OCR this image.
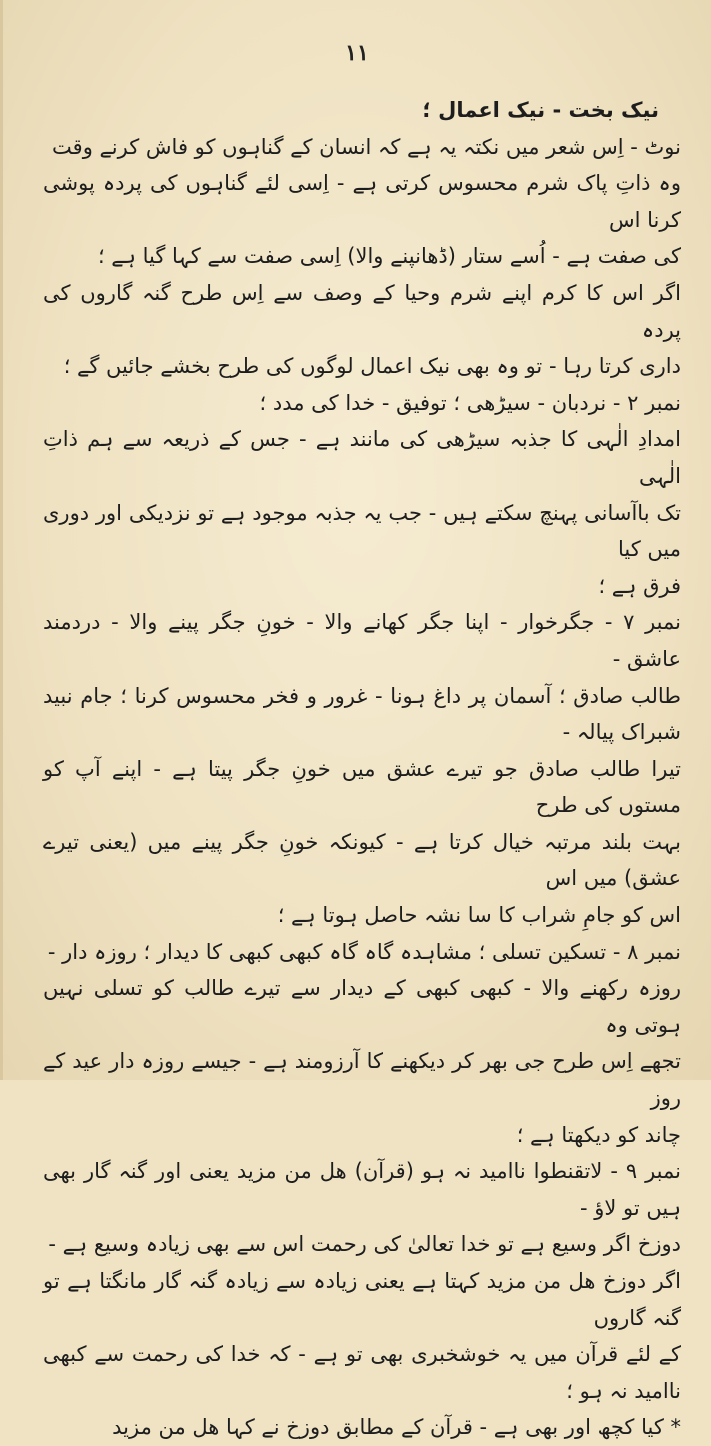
١١

نیک بخت - نیک اعمال ؛

نوٹ - اِس شعر میں نکتہ یہ ہے کہ انسان کے گناہوں کو فاش کرنے وقت

وہ ذاتِ پاک شرم محسوس کرتی ہے - اِسی لئے گناہوں کی پردہ پوشی کرنا اس

کی صفت ہے - اُسے ستار (ڈھانپنے والا) اِسی صفت سے کہا گیا ہے ؛

اگر اس کا کرم اپنے شرم وحیا کے وصف سے اِس طرح گنہ گاروں کی پردہ

داری کرتا رہا - تو وہ بھی نیک اعمال لوگوں کی طرح بخشے جائیں گے ؛

نمبر ۲ - نردبان - سیڑھی ؛ توفیق - خدا کی مدد ؛

امدادِ الٰہی کا جذبہ سیڑھی کی مانند ہے - جس کے ذریعہ سے ہم ذاتِ الٰہی

تک باآسانی پہنچ سکتے ہیں - جب یہ جذبہ موجود ہے تو نزدیکی اور دوری میں کیا

فرق ہے ؛

نمبر ۷ - جگرخوار - اپنا جگر کھانے والا - خونِ جگر پینے والا - دردمند عاشق -

طالب صادق ؛ آسمان پر داغ ہونا - غرور و فخر محسوس کرنا ؛ جام نبید شبراک پیالہ -

تیرا طالب صادق جو تیرے عشق میں خونِ جگر پیتا ہے - اپنے آپ کو مستوں کی طرح

بہت بلند مرتبہ خیال کرتا ہے - کیونکہ خونِ جگر پینے میں (یعنی تیرے عشق) میں اس

اس کو جامِ شراب کا سا نشہ حاصل ہوتا ہے ؛

نمبر ۸ - تسکین تسلی ؛ مشاہدہ گاہ گاہ کبھی کبھی کا دیدار ؛ روزہ دار -

روزہ رکھنے والا - کبھی کبھی کے دیدار سے تیرے طالب کو تسلی نہیں ہوتی وہ

تجھے اِس طرح جی بھر کر دیکھنے کا آرزومند ہے - جیسے روزہ دار عید کے روز

چاند کو دیکھتا ہے ؛

نمبر ۹ - لاتقنطوا ناامید نہ ہو (قرآن) ھل من مزید یعنی اور گنہ گار بھی ہیں تو لاؤ -

دوزخ اگر وسیع ہے تو خدا تعالیٰ کی رحمت اس سے بھی زیادہ وسیع ہے -

اگر دوزخ ھل من مزید کہتا ہے یعنی زیادہ سے زیادہ گنہ گار مانگتا ہے تو گنہ گاروں

کے لئے قرآن میں یہ خوشخبری بھی تو ہے - کہ خدا کی رحمت سے کبھی ناامید نہ ہو ؛

* کیا کچھ اور بھی ہے - قرآن کے مطابق دوزخ نے کہا ھل من مزید
